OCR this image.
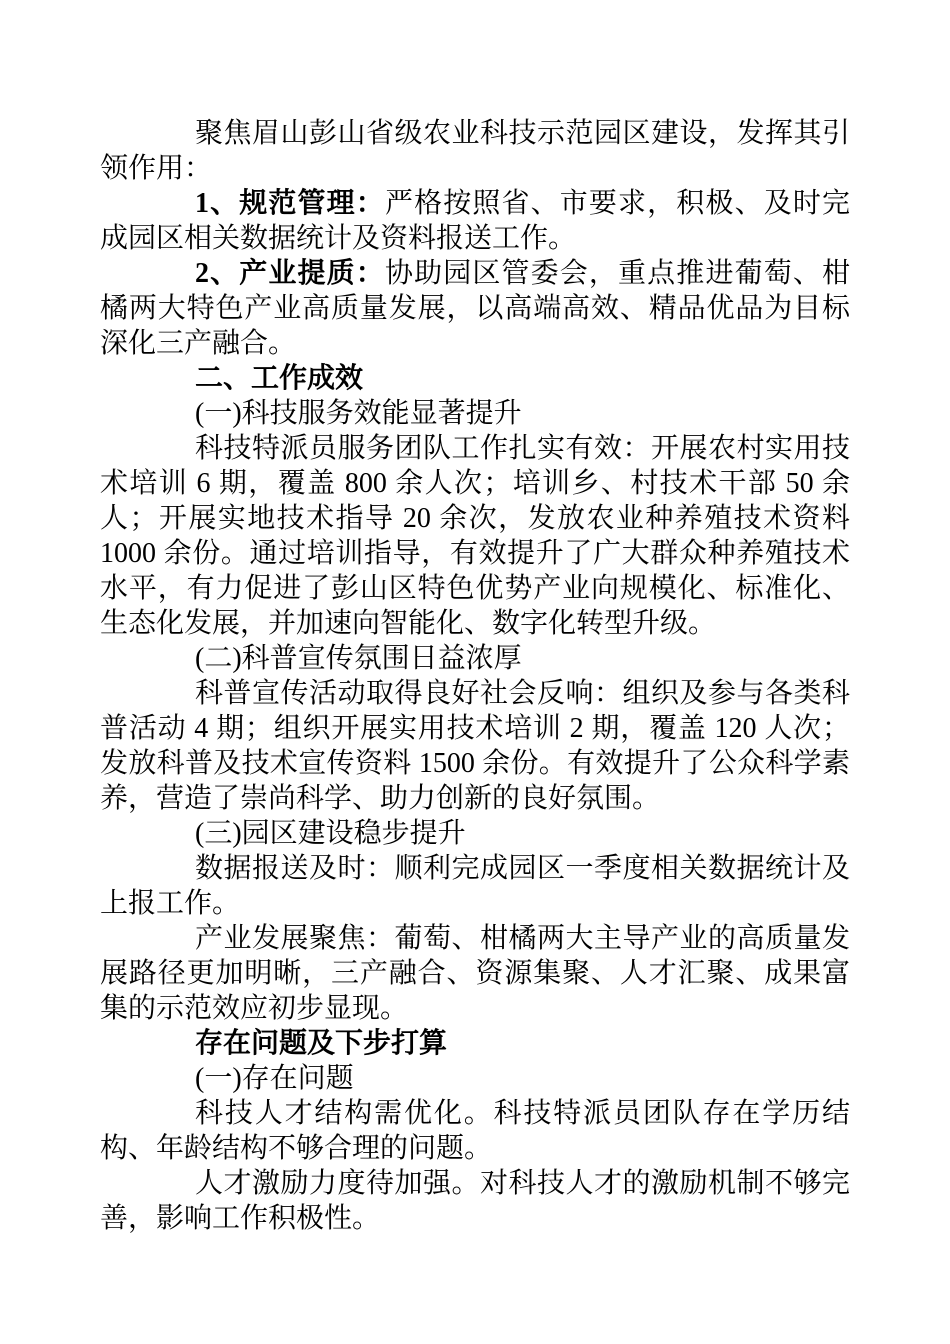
聚焦眉山彭山省级农业科技示范园区建设，发挥其引领作用：

1、规范管理：严格按照省、市要求，积极、及时完成园区相关数据统计及资料报送工作。

2、产业提质：协助园区管委会，重点推进葡萄、柑橘两大特色产业高质量发展，以高端高效、精品优品为目标深化三产融合。

二、工作成效

(一)科技服务效能显著提升

科技特派员服务团队工作扎实有效：开展农村实用技术培训 6 期，覆盖 800 余人次；培训乡、村技术干部 50 余人；开展实地技术指导 20 余次，发放农业种养殖技术资料 1000 余份。通过培训指导，有效提升了广大群众种养殖技术水平，有力促进了彭山区特色优势产业向规模化、标准化、生态化发展，并加速向智能化、数字化转型升级。

(二)科普宣传氛围日益浓厚

科普宣传活动取得良好社会反响：组织及参与各类科普活动 4 期；组织开展实用技术培训 2 期，覆盖 120 人次；发放科普及技术宣传资料 1500 余份。有效提升了公众科学素养，营造了崇尚科学、助力创新的良好氛围。

(三)园区建设稳步提升

数据报送及时：顺利完成园区一季度相关数据统计及上报工作。

产业发展聚焦：葡萄、柑橘两大主导产业的高质量发展路径更加明晰，三产融合、资源集聚、人才汇聚、成果富集的示范效应初步显现。

存在问题及下步打算

(一)存在问题

科技人才结构需优化。科技特派员团队存在学历结构、年龄结构不够合理的问题。

人才激励力度待加强。对科技人才的激励机制不够完善，影响工作积极性。
